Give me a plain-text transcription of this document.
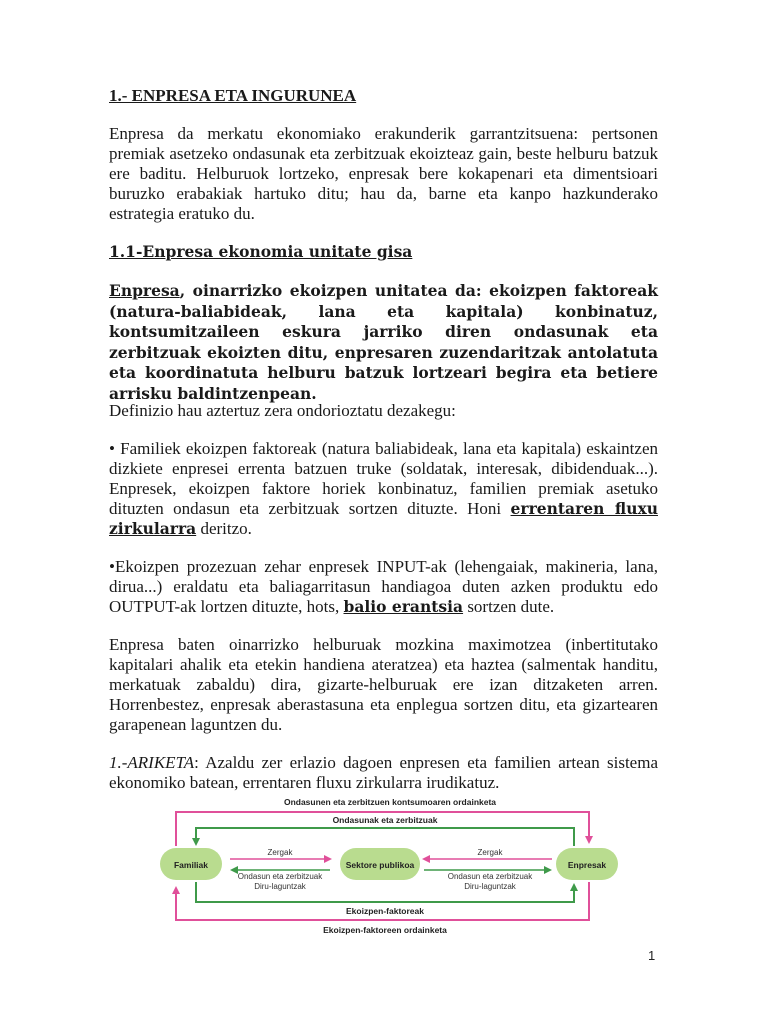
1.- ENPRESA ETA INGURUNEA

Enpresa da merkatu ekonomiako erakunderik garrantzitsuena: pertsonen premiak asetzeko ondasunak eta zerbitzuak ekoizteaz gain, beste helburu batzuk ere baditu. Helburuok lortzeko, enpresak bere kokapenari eta dimentsioari buruzko erabakiak hartuko ditu; hau da, barne eta kanpo hazkunderako estrategia eratuko du.

1.1-Enpresa ekonomia unitate gisa

Enpresa, oinarrizko ekoizpen unitatea da: ekoizpen faktoreak (natura-baliabideak, lana eta kapitala) konbinatuz, kontsumitzaileen eskura jarriko diren ondasunak eta zerbitzuak ekoizten ditu, enpresaren zuzendaritzak antolatuta eta koordinatuta helburu batzuk lortzeari begira eta betiere arrisku baldintzenpean.

Definizio hau aztertuz zera ondorioztatu dezakegu:

• Familiek ekoizpen faktoreak (natura baliabideak, lana eta kapitala) eskaintzen dizkiete enpresei errenta batzuen truke (soldatak, interesak, dibidenduak...). Enpresek, ekoizpen faktore horiek konbinatuz, familien premiak asetuko dituzten ondasun eta zerbitzuak sortzen dituzte. Honi errentaren fluxu zirkularra deritzo.

•Ekoizpen prozezuan zehar enpresek INPUT-ak (lehengaiak, makineria, lana, dirua...) eraldatu eta baliagarritasun handiagoa duten azken produktu edo OUTPUT-ak lortzen dituzte, hots, balio erantsia sortzen dute.

Enpresa baten oinarrizko helburuak mozkina maximotzea (inbertitutako kapitalari ahalik eta etekin handiena ateratzea) eta haztea (salmentak handitu, merkatuak zabaldu) dira, gizarte-helburuak ere izan ditzaketen arren. Horrenbestez, enpresak aberastasuna eta enplegua sortzen ditu, eta gizartearen garapenean laguntzen du.

1.-ARIKETA: Azaldu zer erlazio dagoen enpresen eta familien artean sistema ekonomiko batean, errentaren fluxu zirkularra irudikatuz.

Ondasunen eta zerbitzuen kontsumoaren ordainketa
Ondasunak eta zerbitzuak
Ekoizpen-faktoreak
Ekoizpen-faktoreen ordainketa
Zergak
Ondasun eta zerbitzuak
Diru-laguntzak
Zergak
Ondasun eta zerbitzuak
Diru-laguntzak
Familiak	Sektore publikoa	Enpresak
1
